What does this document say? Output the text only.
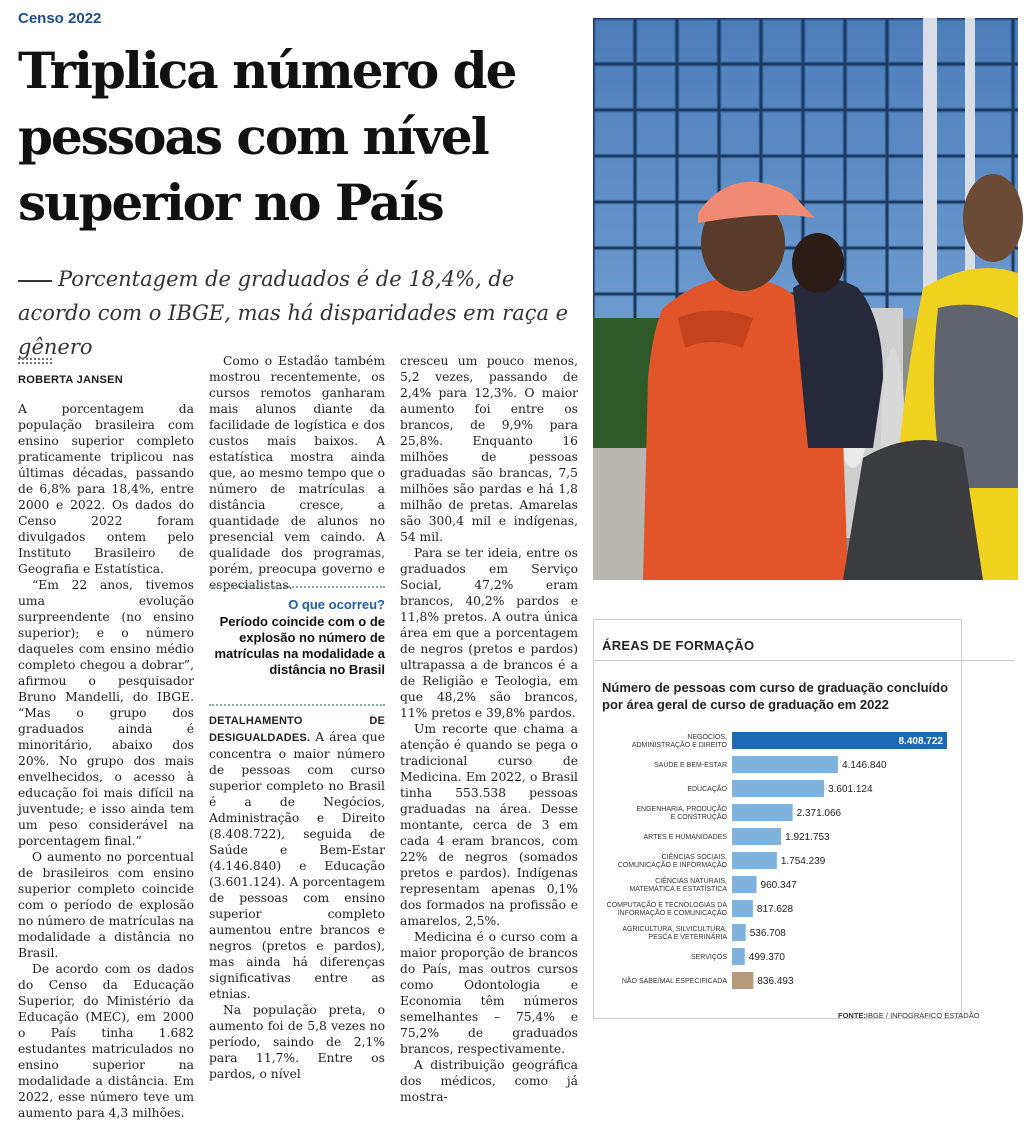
Censo 2022
Triplica número de
pessoas com nível
superior no País
Porcentagem de graduados é de 18,4%, de acordo com o IBGE, mas há disparidades em raça e gênero
ROBERTA JANSEN

A porcentagem da população brasileira com ensino superior completo praticamente triplicou nas últimas décadas, passando de 6,8% para 18,4%, entre 2000 e 2022. Os dados do Censo 2022 foram divulgados ontem pelo Instituto Brasileiro de Geografia e Estatística.

“Em 22 anos, tivemos uma evolução surpreendente (no ensino superior); e o número daqueles com ensino médio completo chegou a dobrar”, afirmou o pesquisador Bruno Mandelli, do IBGE. “Mas o grupo dos graduados ainda é minoritário, abaixo dos 20%. No grupo dos mais envelhecidos, o acesso à educação foi mais difícil na juventude; e isso ainda tem um peso considerável na porcentagem final.”

O aumento no porcentual de brasileiros com ensino superior completo coincide com o período de explosão no número de matrículas na modalidade a distância no Brasil.

De acordo com os dados do Censo da Educação Superior, do Ministério da Educação (MEC), em 2000 o País tinha 1.682 estudantes matriculados no ensino superior na modalidade a distância. Em 2022, esse número teve um aumento para 4,3 milhões.

Como o Estadão também mostrou recentemente, os cursos remotos ganharam mais alunos diante da facilidade de logística e dos custos mais baixos. A estatística mostra ainda que, ao mesmo tempo que o número de matrículas a distância cresce, a quantidade de alunos no presencial vem caindo. A qualidade dos programas, porém, preocupa governo e especialistas.

O que ocorreu?
Período coincide com o de explosão no número de matrículas na modalidade a distância no Brasil

DETALHAMENTO DE DESIGUALDADES. A área que concentra o maior número de pessoas com curso superior completo no Brasil é a de Negócios, Administração e Direito (8.408.722), seguida de Saúde e Bem-Estar (4.146.840) e Educação (3.601.124). A porcentagem de pessoas com ensino superior completo aumentou entre brancos e negros (pretos e pardos), mas ainda há diferenças significativas entre as etnias.

Na população preta, o aumento foi de 5,8 vezes no período, saindo de 2,1% para 11,7%. Entre os pardos, o nível

cresceu um pouco menos, 5,2 vezes, passando de 2,4% para 12,3%. O maior aumento foi entre os brancos, de 9,9% para 25,8%. Enquanto 16 milhões de pessoas graduadas são brancas, 7,5 milhões são pardas e há 1,8 milhão de pretas. Amarelas são 300,4 mil e indígenas, 54 mil.

Para se ter ideia, entre os graduados em Serviço Social, 47,2% eram brancos, 40,2% pardos e 11,8% pretos. A outra única área em que a porcentagem de negros (pretos e pardos) ultrapassa a de brancos é a de Religião e Teologia, em que 48,2% são brancos, 11% pretos e 39,8% pardos.

Um recorte que chama a atenção é quando se pega o tradicional curso de Medicina. Em 2022, o Brasil tinha 553.538 pessoas graduadas na área. Desse montante, cerca de 3 em cada 4 eram brancos, com 22% de negros (somados pretos e pardos). Indígenas representam apenas 0,1% dos formados na profissão e amarelos, 2,5%.

Medicina é o curso com a maior proporção de brancos do País, mas outros cursos como Odontologia e Economia têm números semelhantes – 75,4% e 75,2% de graduados brancos, respectivamente.

A distribuição geográfica dos médicos, como já mostra-

ÁREAS DE FORMAÇÃO
Número de pessoas com curso de graduação concluído por área geral de curso de graduação em 2022
8.408.722
NEGÓCIOS, ADMINISTRAÇÃO E DIREITO
4.146.840
SAÚDE E BEM-ESTAR
3.601.124
EDUCAÇÃO
2.371.066
ENGENHARIA, PRODUÇÃO E CONSTRUÇÃO
1.921.753
ARTES E HUMANIDADES
1.754.239
CIÊNCIAS SOCIAIS, COMUNICAÇÃO E INFORMAÇÃO
960.347
CIÊNCIAS NATURAIS, MATEMÁTICA E ESTATÍSTICA
817.628
COMPUTAÇÃO E TECNOLOGIAS DA INFORMAÇÃO E COMUNICAÇÃO
536.708
AGRICULTURA, SILVICULTURA, PESCA E VETERINÁRIA
499.370
SERVIÇOS
836.493
NÃO SABE/MAL ESPECIFICADA
FONTE:IBGE / INFOGRÁFICO ESTADÃO
